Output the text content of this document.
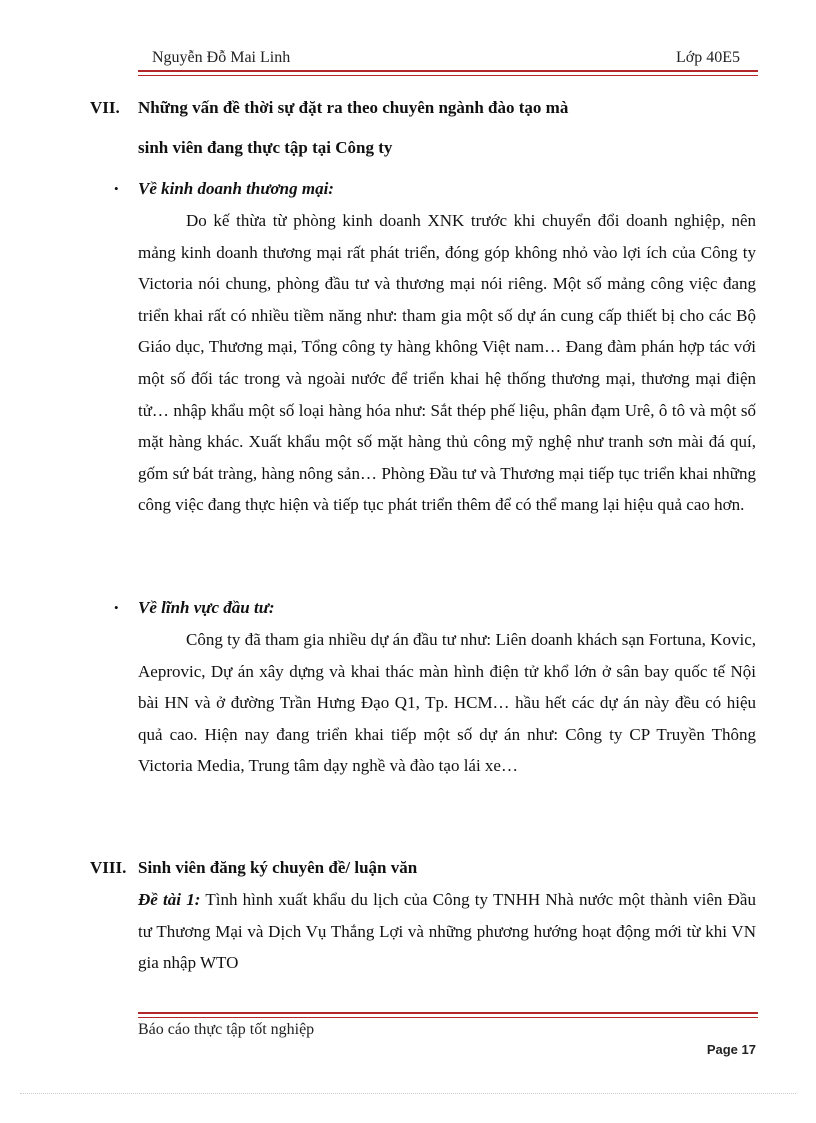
Nguyễn Đỗ Mai Linh	Lớp 40E5
VII. Những vấn đề thời sự đặt ra theo chuyên ngành đào tạo mà
sinh viên đang thực tập tại Công ty
• Về kinh doanh thương mại:

Do kế thừa từ phòng kinh doanh XNK trước khi chuyển đổi doanh nghiệp, nên mảng kinh doanh thương mại rất phát triển, đóng góp không nhỏ vào lợi ích của Công ty Victoria nói chung, phòng đầu tư và thương mại nói riêng. Một số mảng công việc đang triển khai rất có nhiều tiềm năng như: tham gia một số dự án cung cấp thiết bị cho các Bộ Giáo dục, Thương mại, Tổng công ty hàng không Việt nam… Đang đàm phán hợp tác với một số đối tác trong và ngoài nước để triển khai hệ thống thương mại, thương mại điện tử… nhập khẩu một số loại hàng hóa như: Sắt thép phế liệu, phân đạm Urê, ô tô và một số mặt hàng khác. Xuất khẩu một số mặt hàng thủ công mỹ nghệ như tranh sơn mài đá quí, gốm sứ bát tràng, hàng nông sản… Phòng Đầu tư và Thương mại tiếp tục triển khai những công việc đang thực hiện và tiếp tục phát triển thêm để có thể mang lại hiệu quả cao hơn.

• Về lĩnh vực đầu tư:

Công ty đã tham gia nhiều dự án đầu tư như: Liên doanh khách sạn Fortuna, Kovic, Aeprovic, Dự án xây dựng và khai thác màn hình điện tử khổ lớn ở sân bay quốc tế Nội bài HN và ở đường Trần Hưng Đạo Q1, Tp. HCM… hầu hết các dự án này đều có hiệu quả cao. Hiện nay đang triển khai tiếp một số dự án như: Công ty CP Truyền Thông Victoria Media, Trung tâm dạy nghề và đào tạo lái xe…

VIII. Sinh viên đăng ký chuyên đề/ luận văn

Đề tài 1: Tình hình xuất khẩu du lịch của Công ty TNHH Nhà nước một thành viên Đầu tư Thương Mại và Dịch Vụ Thắng Lợi và những phương hướng hoạt động mới từ khi VN gia nhập WTO

Báo cáo thực tập tốt nghiệp
Page 17
